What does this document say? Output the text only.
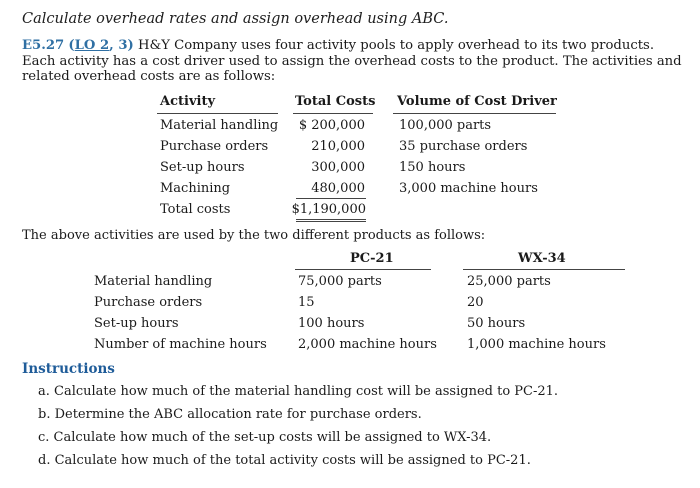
Calculate overhead rates and assign overhead using ABC.
E5.27 (LO 2, 3) H&Y Company uses four activity pools to apply overhead to its two products. Each activity has a cost driver used to assign the overhead costs to the product. The activities and related overhead costs are as follows:
Activity	Total Costs Volume of Cost Driver
Material handling	$ 200,000	100,000 parts
Purchase orders	210,000	35 purchase orders
Set-up hours	300,000	150 hours
Machining	480,000	3,000 machine hours
Total costs	$1,190,000
The above activities are used by the two different products as follows:
PC-21	WX-34
Material handling	75,000 parts	25,000 parts
Purchase orders	15	20
Set-up hours	100 hours	50 hours
Number of machine hours 2,000 machine hours 1,000 machine hours
Instructions
a. Calculate how much of the material handling cost will be assigned to PC-21.
b. Determine the ABC allocation rate for purchase orders.
c. Calculate how much of the set-up costs will be assigned to WX-34.
d. Calculate how much of the total activity costs will be assigned to PC-21.
